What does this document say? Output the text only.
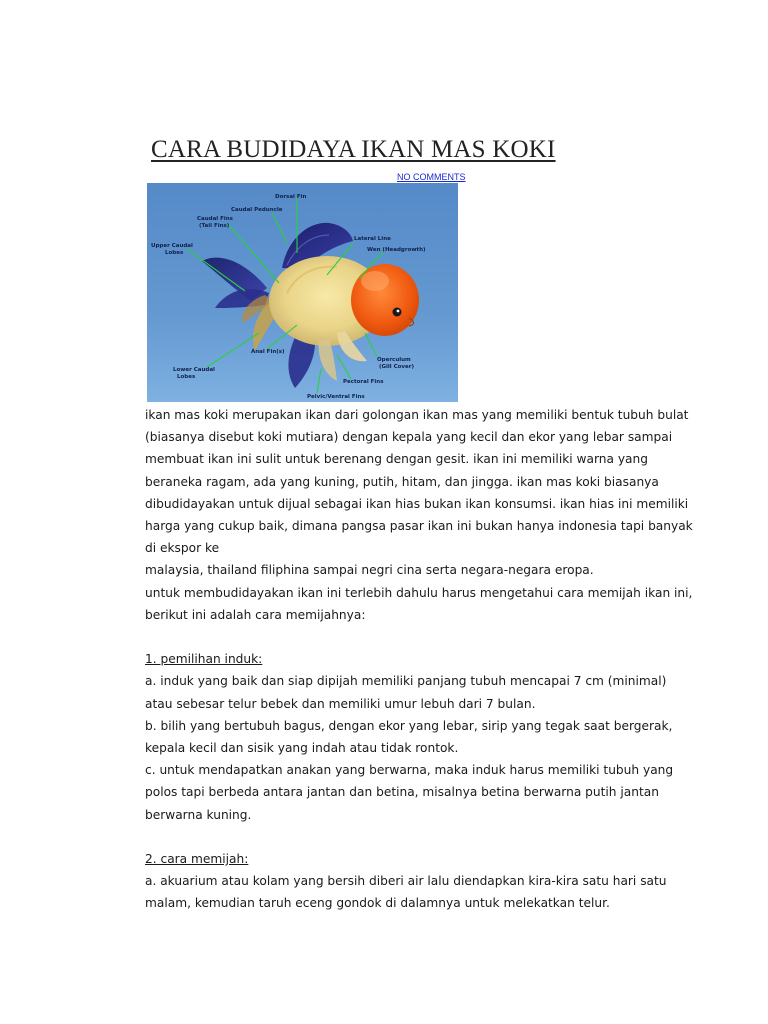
CARA BUDIDAYA IKAN MAS KOKI
NO COMMENTS
Dorsal Fin
Caudal Peduncle
Caudal Fins
(Tail Fins)
Upper Caudal
Lobes
Lateral Line
Wen (Headgrowth)
Anal Fin(s)
Lower Caudal
Lobes
Operculum
(Gill Cover)
Pectoral Fins
Pelvic/Ventral Fins

ikan mas koki merupakan ikan dari golongan ikan mas yang memiliki bentuk tubuh bulat

(biasanya disebut koki mutiara) dengan kepala yang kecil dan ekor yang lebar sampai

membuat ikan ini sulit untuk berenang dengan gesit. ikan ini memiliki warna yang

beraneka ragam, ada yang kuning, putih, hitam, dan jingga. ikan mas koki biasanya

dibudidayakan untuk dijual sebagai ikan hias bukan ikan konsumsi. ikan hias ini memiliki

harga yang cukup baik, dimana pangsa pasar ikan ini bukan hanya indonesia tapi banyak

di ekspor ke

malaysia, thailand filiphina sampai negri cina serta negara-negara eropa.

untuk membudidayakan ikan ini terlebih dahulu harus mengetahui cara memijah ikan ini,

berikut ini adalah cara memijahnya:

1. pemilihan induk:

a. induk yang baik dan siap dipijah memiliki panjang tubuh mencapai 7 cm (minimal)

atau sebesar telur bebek dan memiliki umur lebuh dari 7 bulan.

b. bilih yang bertubuh bagus, dengan ekor yang lebar, sirip yang tegak saat bergerak,

kepala kecil dan sisik yang indah atau tidak rontok.

c. untuk mendapatkan anakan yang berwarna, maka induk harus memiliki tubuh yang

polos tapi berbeda antara jantan dan betina, misalnya betina berwarna putih jantan

berwarna kuning.

2. cara memijah:

a. akuarium atau kolam yang bersih diberi air lalu diendapkan kira-kira satu hari satu

malam, kemudian taruh eceng gondok di dalamnya untuk melekatkan telur.
